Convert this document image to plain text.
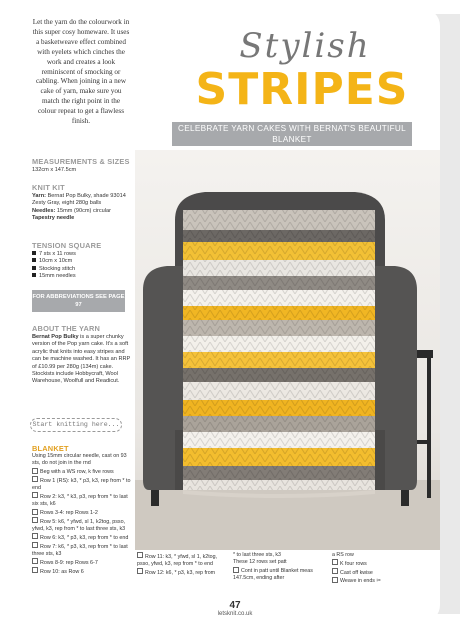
Let the yarn do the colourwork in this super cosy homeware. It uses a basketweave effect combined with eyelets which cinches the work and creates a look reminiscent of smocking or cabling. When joining in a new cake of yarn, make sure you match the right point in the colour repeat to get a flawless finish.
MEASUREMENTS & SIZES
132cm x 147.5cm
KNIT KIT
Yarn: Bernat Pop Bulky, shade 93014 Zesty Gray, eight 280g balls
Needles: 15mm (90cm) circular
Tapestry needle
TENSION SQUARE
7 sts x 11 rows
10cm x 10cm
Stocking stitch
15mm needles
FOR ABBREVIATIONS SEE PAGE 97
ABOUT THE YARN
Bernat Pop Bulky is a super chunky version of the Pop yarn cake. It's a soft acrylic that knits into easy stripes and can be machine washed. It has an RRP of £10.99 per 280g (134m) cake. Stockists include Hobbycraft, Wool Warehouse, Woolfull and Readicut.
Start knitting here...
BLANKET
Using 15mm circular needle, cast on 93 sts, do not join in the rnd
Beg with a WS row, k five rows
Row 1 (RS): k3, * p3, k3, rep from * to end
Row 2: k3, * k3, p3, rep from * to last six sts, k6
Rows 3-4: rep Rows 1-2
Row 5: k6, * yfwd, sl 1, k2tog, psso, yfwd, k3, rep from * to last three sts, k3
Row 6: k3, * p3, k3, rep from * to end
Row 7: k6, * p3, k3, rep from * to last three sts, k3
Rows 8-9: rep Rows 6-7
Row 10: as Row 6
Stylish
STRIPES
CELEBRATE YARN CAKES WITH BERNAT'S BEAUTIFUL BLANKET
Row 11: k3, * yfwd, sl 1, k2tog, psso, yfwd, k3, rep from * to end
Row 12: k6, * p3, k3, rep from
* to last three sts, k3
These 12 rows set patt
Cont in patt until Blanket meas 147.5cm, ending after
a RS row
K four rows
Cast off kwise
Weave in ends ✂
47
letsknit.co.uk
